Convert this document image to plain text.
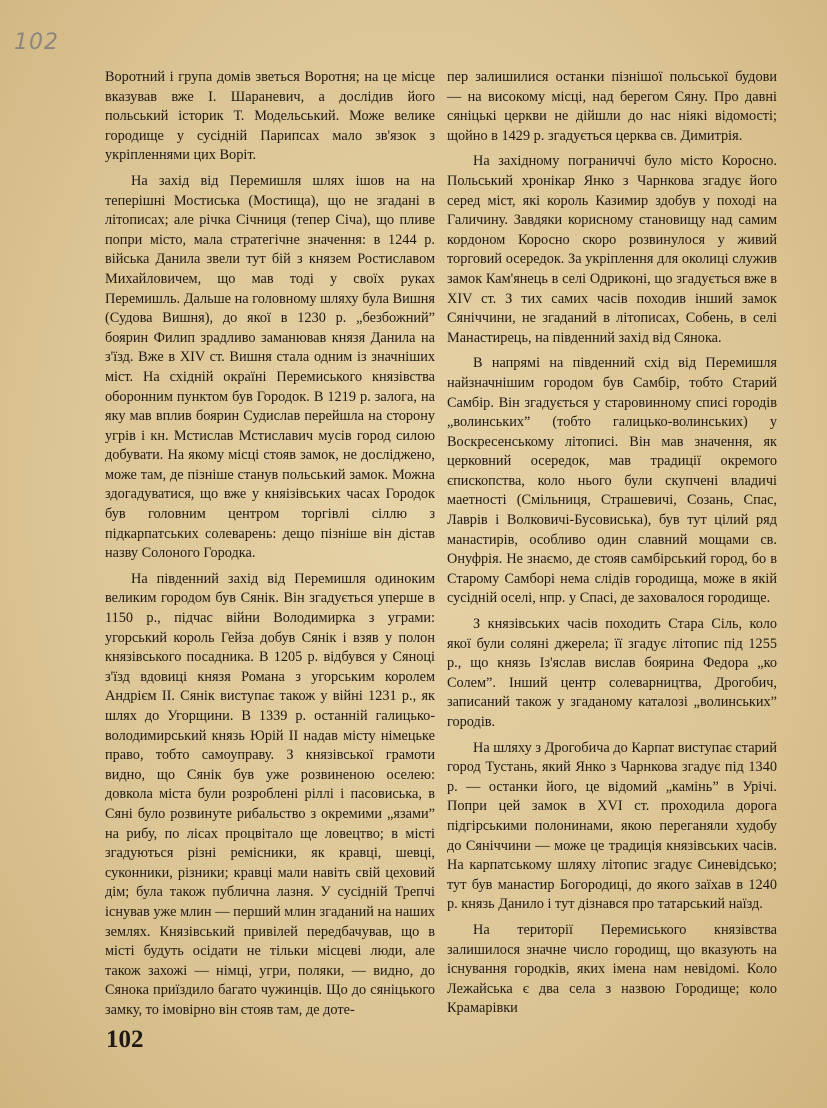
102

Воротний і група домів зветься Воротня; на це місце вказував вже І. Шараневич, а дослідив його польський історик Т. Модельський. Може велике городище у сусідній Парипсах мало зв'язок з укріпленнями цих Воріт.

На захід від Перемишля шлях ішов на на теперішні Мостиська (Мостища), що не згадані в літописах; але річка Січниця (тепер Січа), що пливе попри місто, мала стратегічне значення: в 1244 р. війська Данила звели тут бій з князем Ростиславом Михайловичем, що мав тоді у своїх руках Перемишль. Дальше на головному шляху була Вишня (Судова Вишня), до якої в 1230 р. „безбожний” боярин Филип зрадливо заманював князя Данила на з'їзд. Вже в XIV ст. Вишня стала одним із значніших міст. На східній окраїні Перемиського князівства оборонним пунктом був Городок. В 1219 р. залога, на яку мав вплив боярин Судислав перейшла на сторону угрів і кн. Мстислав Мстиславич мусів город силою добувати. На якому місці стояв замок, не досліджено, може там, де пізніше станув польський замок. Можна здогадуватися, що вже у княізівських часах Городок був головним центром торгівлі сіллю з підкарпатських солеварень: дещо пізніше він дістав назву Солоного Городка.

На південний захід від Перемишля одиноким великим городом був Сянік. Він згадується уперше в 1150 р., підчас війни Володимирка з уграми: угорський король Гейза добув Сянік і взяв у полон князівського посадника. В 1205 р. відбувся у Сяноці з'їзд вдовиці князя Романа з угорським королем Андрієм II. Сянік виступає також у війні 1231 р., як шлях до Угорщини. В 1339 р. останній галицько-володимирський князь Юрій II надав місту німецьке право, тобто самоуправу. З князівської грамоти видно, що Сянік був уже розвиненою оселею: довкола міста були розроблені ріллі і пасовиська, в Сяні було розвинуте рибальство з окремими „язами” на рибу, по лісах процвітало ще ловецтво; в місті згадуються різні ремісники, як кравці, шевці, суконники, різники; кравці мали навіть свій цеховий дім; була також публична лазня. У сусідній Трепчі існував уже млин — перший млин згаданий на наших землях. Князівський привілей передбачував, що в місті будуть осідати не тільки місцеві люди, але також захожі — німці, угри, поляки, — видно, до Сянока приїздило багато чужинців. Що до сяніцького замку, то імовірно він стояв там, де доте-

пер залишилися останки пізнішої польської будови — на високому місці, над берегом Сяну. Про давні сяніцькі церкви не дійшли до нас ніякі відомості; щойно в 1429 р. згадується церква св. Димитрія.

На західному пограниччі було місто Коросно. Польський хронікар Янко з Чарнкова згадує його серед міст, які король Казимир здобув у поході на Галичину. Завдяки корисному становищу над самим кордоном Коросно скоро розвинулося у живий торговий осередок. За укріплення для околиці служив замок Кам'янець в селі Одриконі, що згадується вже в XIV ст. З тих самих часів походив інший замок Сяніччини, не згаданий в літописах, Собень, в селі Манастирець, на південний захід від Сянока.

В напрямі на південний схід від Перемишля найзначнішим городом був Самбір, тобто Старий Самбір. Він згадується у старовинному списі городів „волинських” (тобто галицько-волинських) у Воскресенському літописі. Він мав значення, як церковний осередок, мав традиції окремого єпископства, коло нього були скупчені владичі маетності (Смільниця, Страшевичі, Созань, Спас, Лаврів і Волковичі-Бусовиська), був тут цілий ряд манастирів, особливо один славний мощами св. Онуфрія. Не знаємо, де стояв самбірський город, бо в Старому Самборі нема слідів городища, може в якій сусідній оселі, нпр. у Спасі, де заховалося городище.

З князівських часів походить Стара Сіль, коло якої були соляні джерела; її згадує літопис під 1255 р., що князь Із'яслав вислав боярина Федора „ко Солем”. Інший центр солеварництва, Дрогобич, записаний також у згаданому каталозі „волинських” городів.

На шляху з Дрогобича до Карпат виступає старий город Тустань, який Янко з Чарнкова згадує під 1340 р. — останки його, це відомий „камінь” в Урічі. Попри цей замок в XVI ст. проходила дорога підгірськими полонинами, якою переганяли худобу до Сяніччини — може це традиція князівських часів. На карпатському шляху літопис згадує Синевідсько; тут був манастир Богородиці, до якого заїхав в 1240 р. князь Данило і тут дізнався про татарський наїзд.

На території Перемиського князівства залишилося значне число городищ, що вказують на існування городків, яких імена нам невідомі. Коло Лежайська є два села з назвою Городище; коло Крамарівки

102
